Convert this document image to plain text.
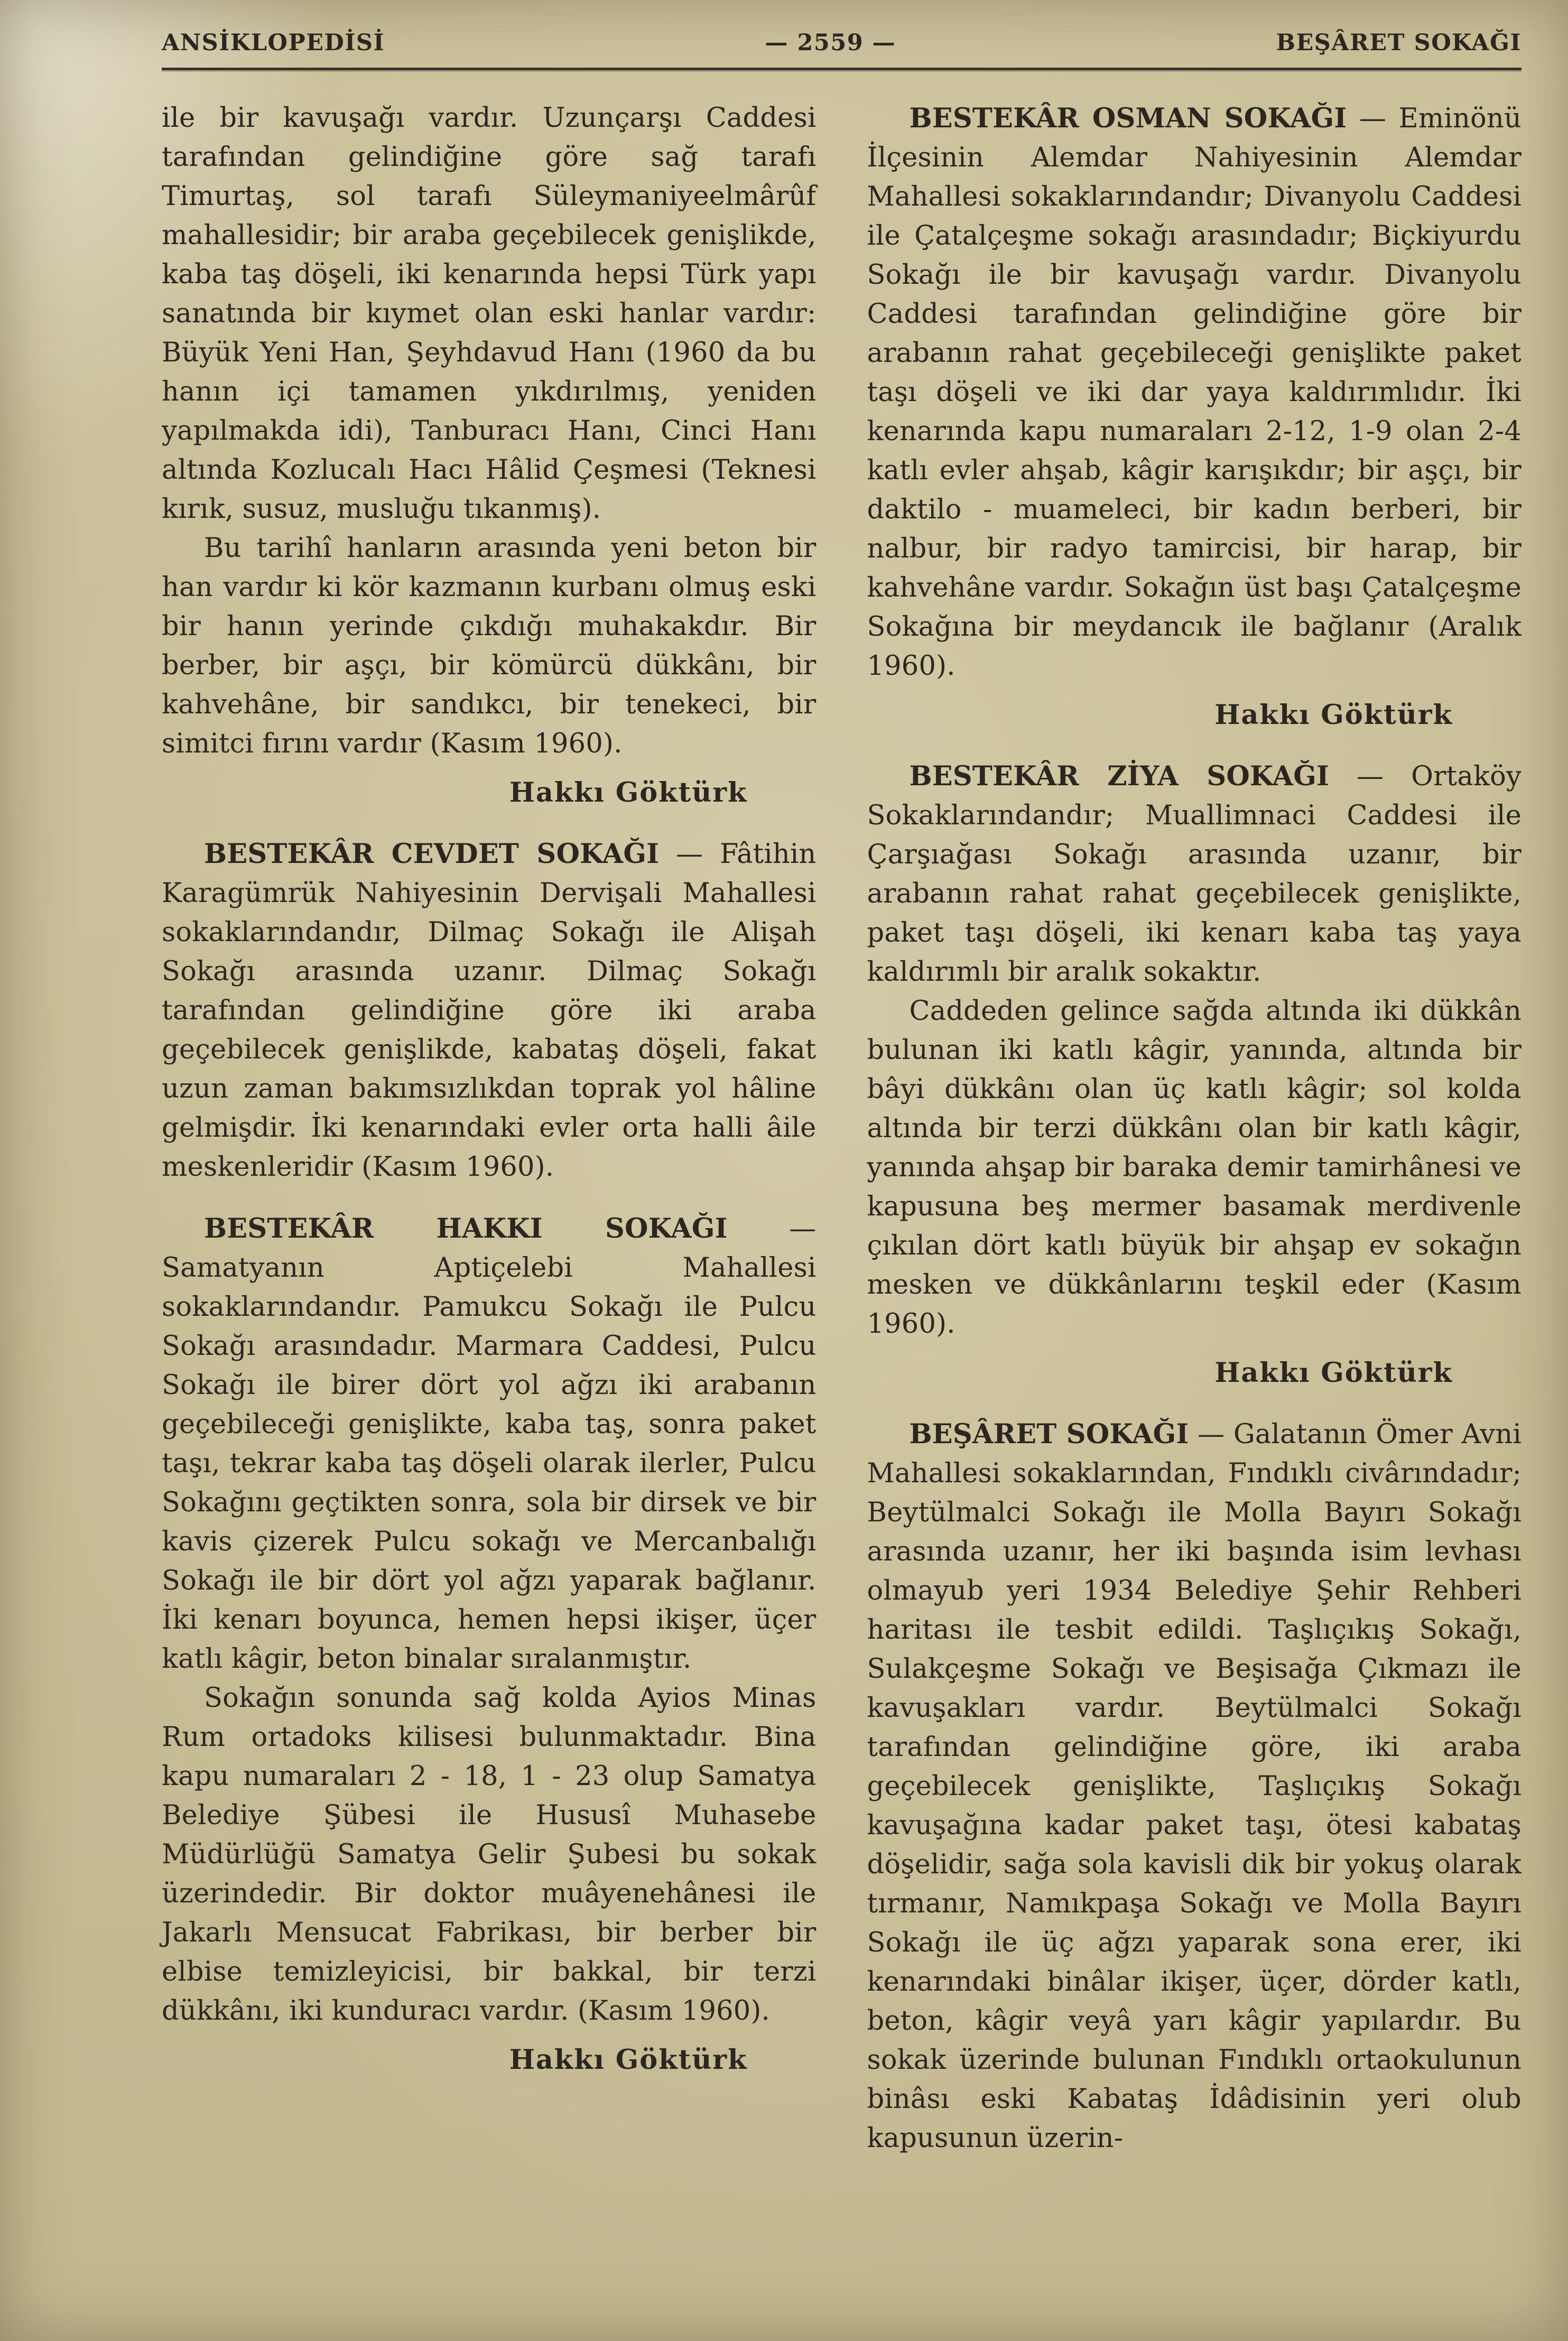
ANSİKLOPEDİSİ	— 2559 —	BEŞÂRET SOKAĞI

ile bir kavuşağı vardır. Uzunçarşı Caddesi tarafından gelindiğine göre sağ tarafı Timurtaş, sol tarafı Süleymaniyeelmârûf mahallesidir; bir araba geçebilecek genişlikde, kaba taş döşeli, iki kenarında hepsi Türk yapı sanatında bir kıymet olan eski hanlar vardır: Büyük Yeni Han, Şeyhdavud Hanı (1960 da bu hanın içi tamamen yıkdırılmış, yeniden yapılmakda idi), Tanburacı Hanı, Cinci Hanı altında Kozlucalı Hacı Hâlid Çeşmesi (Teknesi kırık, susuz, musluğu tıkanmış).

Bu tarihî hanların arasında yeni beton bir han vardır ki kör kazmanın kurbanı olmuş eski bir hanın yerinde çıkdığı muhakakdır. Bir berber, bir aşçı, bir kömürcü dükkânı, bir kahvehâne, bir sandıkcı, bir tenekeci, bir simitci fırını vardır (Kasım 1960).

Hakkı Göktürk

BESTEKÂR CEVDET SOKAĞI — Fâtihin Karagümrük Nahiyesinin Dervişali Mahallesi sokaklarındandır, Dilmaç Sokağı ile Alişah Sokağı arasında uzanır. Dilmaç Sokağı tarafından gelindiğine göre iki araba geçebilecek genişlikde, kabataş döşeli, fakat uzun zaman bakımsızlıkdan toprak yol hâline gelmişdir. İki kenarındaki evler orta halli âile meskenleridir (Kasım 1960).

BESTEKÂR HAKKI SOKAĞI — Samatyanın Aptiçelebi Mahallesi sokaklarındandır. Pamukcu Sokağı ile Pulcu Sokağı arasındadır. Marmara Caddesi, Pulcu Sokağı ile birer dört yol ağzı iki arabanın geçebileceği genişlikte, kaba taş, sonra paket taşı, tekrar kaba taş döşeli olarak ilerler, Pulcu Sokağını geçtikten sonra, sola bir dirsek ve bir kavis çizerek Pulcu sokağı ve Mercanbalığı Sokağı ile bir dört yol ağzı yaparak bağlanır. İki kenarı boyunca, hemen hepsi ikişer, üçer katlı kâgir, beton binalar sıralanmıştır.

Sokağın sonunda sağ kolda Ayios Minas Rum ortadoks kilisesi bulunmaktadır. Bina kapu numaraları 2 - 18, 1 - 23 olup Samatya Belediye Şübesi ile Hususî Muhasebe Müdürlüğü Samatya Gelir Şubesi bu sokak üzerindedir. Bir doktor muâyenehânesi ile Jakarlı Mensucat Fabrikası, bir berber bir elbise temizleyicisi, bir bakkal, bir terzi dükkânı, iki kunduracı vardır. (Kasım 1960).

Hakkı Göktürk

BESTEKÂR OSMAN SOKAĞI — Eminönü İlçesinin Alemdar Nahiyesinin Alemdar Mahallesi sokaklarındandır; Divanyolu Caddesi ile Çatalçeşme sokağı arasındadır; Biçkiyurdu Sokağı ile bir kavuşağı vardır. Divanyolu Caddesi tarafından gelindiğine göre bir arabanın rahat geçebileceği genişlikte paket taşı döşeli ve iki dar yaya kaldırımlıdır. İki kenarında kapu numaraları 2-12, 1-9 olan 2-4 katlı evler ahşab, kâgir karışıkdır; bir aşçı, bir daktilo - muameleci, bir kadın berberi, bir nalbur, bir radyo tamircisi, bir harap, bir kahvehâne vardır. Sokağın üst başı Çatalçeşme Sokağına bir meydancık ile bağlanır (Aralık 1960).

Hakkı Göktürk

BESTEKÂR ZİYA SOKAĞI — Ortaköy Sokaklarındandır; Muallimnaci Caddesi ile Çarşıağası Sokağı arasında uzanır, bir arabanın rahat rahat geçebilecek genişlikte, paket taşı döşeli, iki kenarı kaba taş yaya kaldırımlı bir aralık sokaktır.

Caddeden gelince sağda altında iki dükkân bulunan iki katlı kâgir, yanında, altında bir bâyi dükkânı olan üç katlı kâgir; sol kolda altında bir terzi dükkânı olan bir katlı kâgir, yanında ahşap bir baraka demir tamirhânesi ve kapusuna beş mermer basamak merdivenle çıkılan dört katlı büyük bir ahşap ev sokağın mesken ve dükkânlarını teşkil eder (Kasım 1960).

Hakkı Göktürk

BEŞÂRET SOKAĞI — Galatanın Ömer Avni Mahallesi sokaklarından, Fındıklı civârındadır; Beytülmalci Sokağı ile Molla Bayırı Sokağı arasında uzanır, her iki başında isim levhası olmayub yeri 1934 Belediye Şehir Rehberi haritası ile tesbit edildi. Taşlıçıkış Sokağı, Sulakçeşme Sokağı ve Beşisağa Çıkmazı ile kavuşakları vardır. Beytülmalci Sokağı tarafından gelindiğine göre, iki araba geçebilecek genişlikte, Taşlıçıkış Sokağı kavuşağına kadar paket taşı, ötesi kabataş döşelidir, sağa sola kavisli dik bir yokuş olarak tırmanır, Namıkpaşa Sokağı ve Molla Bayırı Sokağı ile üç ağzı yaparak sona erer, iki kenarındaki binâlar ikişer, üçer, dörder katlı, beton, kâgir veyâ yarı kâgir yapılardır. Bu sokak üzerinde bulunan Fındıklı ortaokulunun binâsı eski Kabataş İdâdisinin yeri olub kapusunun üzerin-
